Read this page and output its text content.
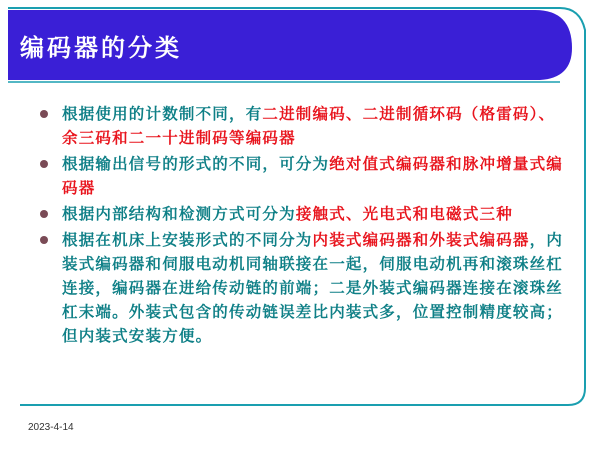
编码器的分类
根据使用的计数制不同，有二进制编码、二进制循环码（格雷码）、余三码和二一十进制码等编码器
根据输出信号的形式的不同，可分为绝对值式编码器和脉冲增量式编码器
根据内部结构和检测方式可分为接触式、光电式和电磁式三种
根据在机床上安装形式的不同分为内装式编码器和外装式编码器，内装式编码器和伺服电动机同轴联接在一起，伺服电动机再和滚珠丝杠连接，编码器在进给传动链的前端；二是外装式编码器连接在滚珠丝杠末端。外装式包含的传动链误差比内装式多，位置控制精度较高；但内装式安装方便。
2023-4-14
